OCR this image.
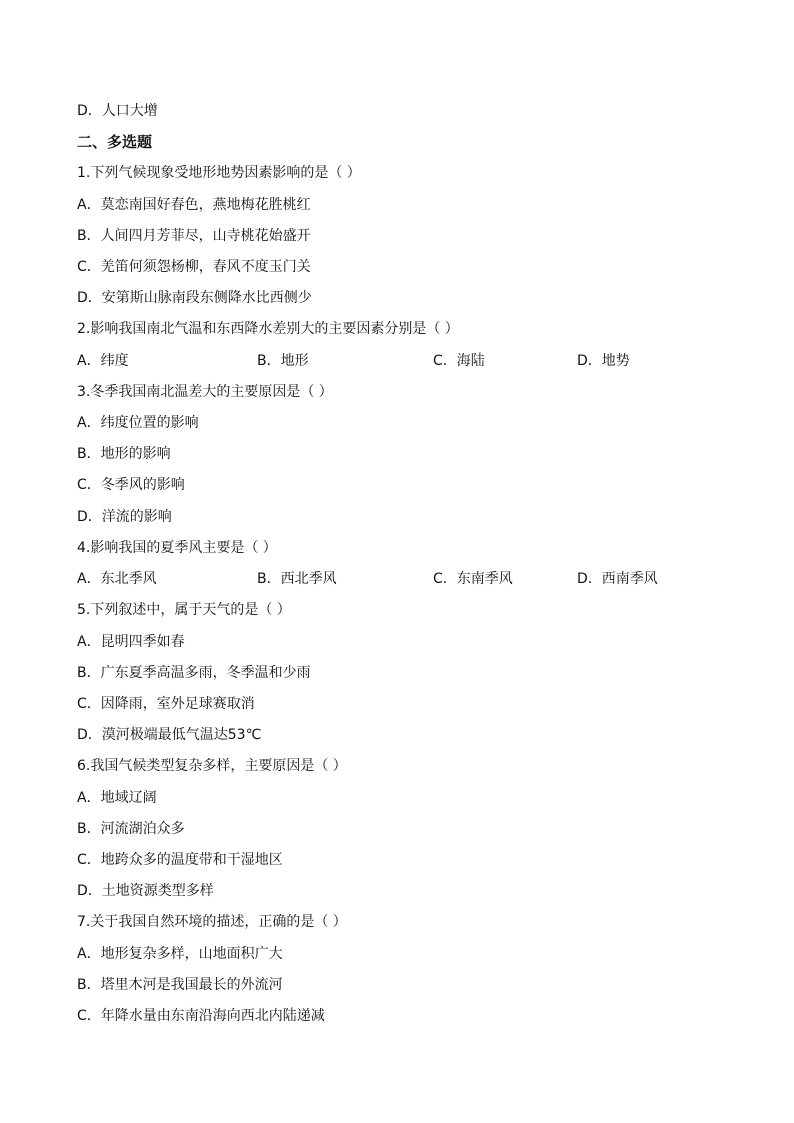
D．人口大增
二、多选题
1.下列气候现象受地形地势因素影响的是（ ）
A．莫恋南国好春色，燕地梅花胜桃红
B．人间四月芳菲尽，山寺桃花始盛开
C．羌笛何须怨杨柳，春风不度玉门关
D．安第斯山脉南段东侧降水比西侧少
2.影响我国南北气温和东西降水差别大的主要因素分别是（ ）
A．纬度	B．地形	C．海陆	D．地势
3.冬季我国南北温差大的主要原因是（ ）
A．纬度位置的影响
B．地形的影响
C．冬季风的影响
D．洋流的影响
4.影响我国的夏季风主要是（ ）
A．东北季风	B．西北季风	C．东南季风	D．西南季风
5.下列叙述中，属于天气的是（ ）
A．昆明四季如春
B．广东夏季高温多雨，冬季温和少雨
C．因降雨，室外足球赛取消
D．漠河极端最低气温达53℃
6.我国气候类型复杂多样，主要原因是（ ）
A．地域辽阔
B．河流湖泊众多
C．地跨众多的温度带和干湿地区
D．土地资源类型多样
7.关于我国自然环境的描述，正确的是（ ）
A．地形复杂多样，山地面积广大
B．塔里木河是我国最长的外流河
C．年降水量由东南沿海向西北内陆递减
